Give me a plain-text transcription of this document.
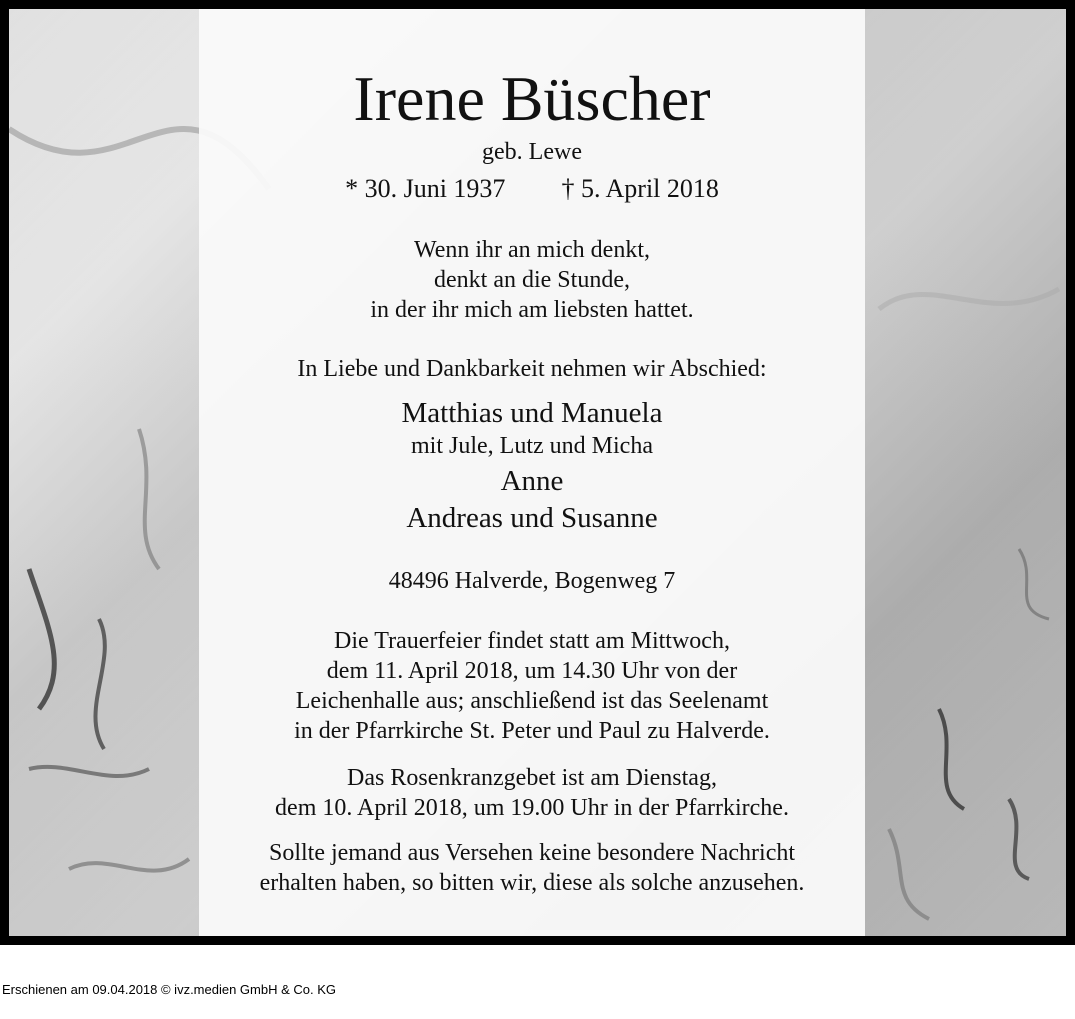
Irene Büscher
geb. Lewe
* 30. Juni 1937 † 5. April 2018
Wenn ihr an mich denkt,
denkt an die Stunde,
in der ihr mich am liebsten hattet.
In Liebe und Dankbarkeit nehmen wir Abschied:
Matthias und Manuela
mit Jule, Lutz und Micha
Anne
Andreas und Susanne
48496 Halverde, Bogenweg 7
Die Trauerfeier findet statt am Mittwoch,
dem 11. April 2018, um 14.30 Uhr von der
Leichenhalle aus; anschließend ist das Seelenamt
in der Pfarrkirche St. Peter und Paul zu Halverde.
Das Rosenkranzgebet ist am Dienstag,
dem 10. April 2018, um 19.00 Uhr in der Pfarrkirche.
Sollte jemand aus Versehen keine besondere Nachricht
erhalten haben, so bitten wir, diese als solche anzusehen.
Erschienen am 09.04.2018 © ivz.medien GmbH & Co. KG
